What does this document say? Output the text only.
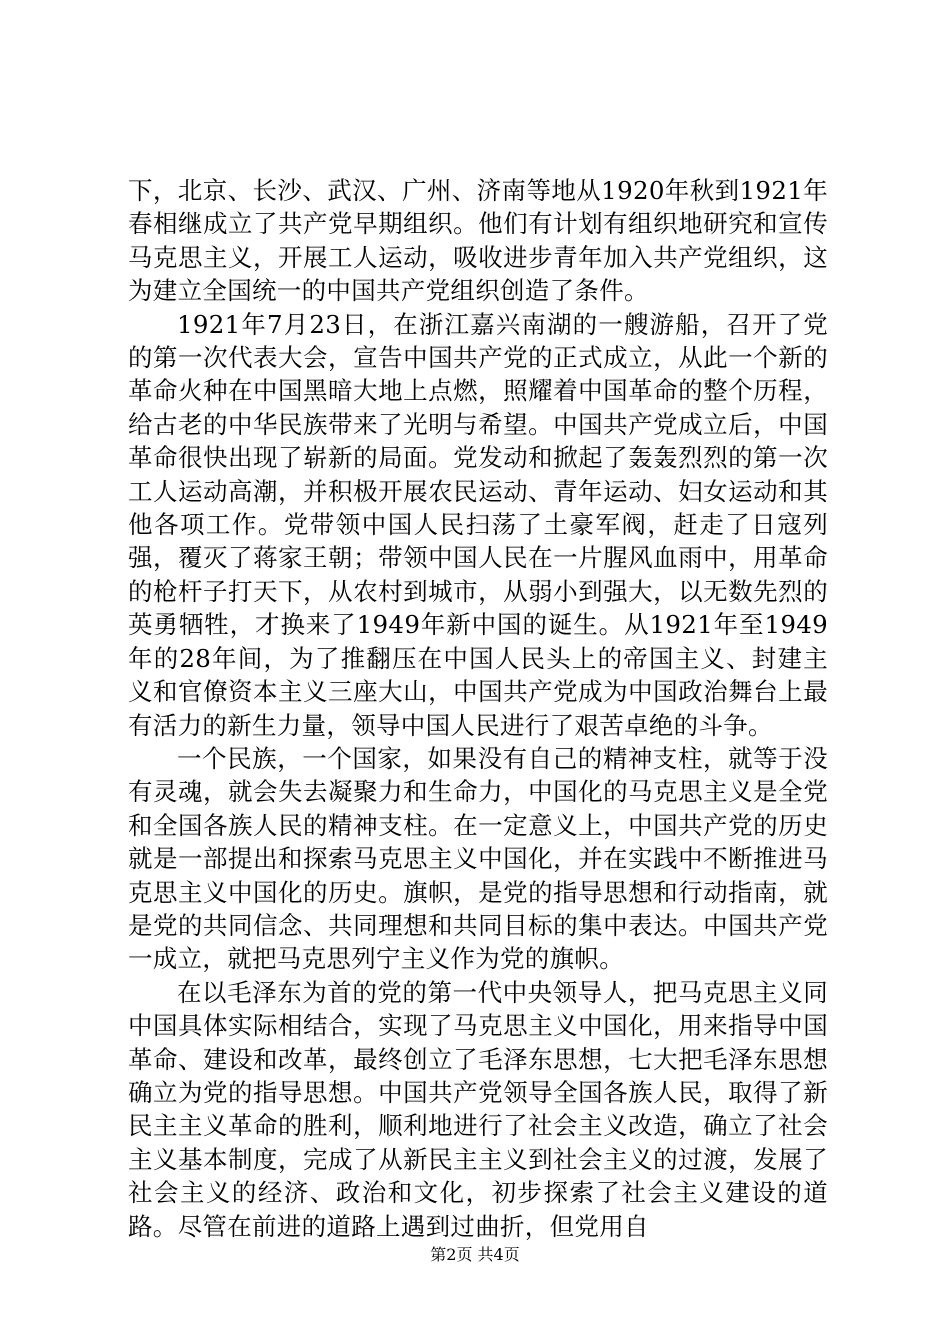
下，北京、长沙、武汉、广州、济南等地从1920年秋到1921年春相继成立了共产党早期组织。他们有计划有组织地研究和宣传马克思主义，开展工人运动，吸收进步青年加入共产党组织，这为建立全国统一的中国共产党组织创造了条件。

1921年7月23日，在浙江嘉兴南湖的一艘游船，召开了党的第一次代表大会，宣告中国共产党的正式成立，从此一个新的革命火种在中国黑暗大地上点燃，照耀着中国革命的整个历程，给古老的中华民族带来了光明与希望。中国共产党成立后，中国革命很快出现了崭新的局面。党发动和掀起了轰轰烈烈的第一次工人运动高潮，并积极开展农民运动、青年运动、妇女运动和其他各项工作。党带领中国人民扫荡了土豪军阀，赶走了日寇列强，覆灭了蒋家王朝；带领中国人民在一片腥风血雨中，用革命的枪杆子打天下，从农村到城市，从弱小到强大，以无数先烈的英勇牺牲，才换来了1949年新中国的诞生。从1921年至1949年的28年间，为了推翻压在中国人民头上的帝国主义、封建主义和官僚资本主义三座大山，中国共产党成为中国政治舞台上最有活力的新生力量，领导中国人民进行了艰苦卓绝的斗争。

一个民族，一个国家，如果没有自己的精神支柱，就等于没有灵魂，就会失去凝聚力和生命力，中国化的马克思主义是全党和全国各族人民的精神支柱。在一定意义上，中国共产党的历史就是一部提出和探索马克思主义中国化，并在实践中不断推进马克思主义中国化的历史。旗帜，是党的指导思想和行动指南，就是党的共同信念、共同理想和共同目标的集中表达。中国共产党一成立，就把马克思列宁主义作为党的旗帜。

在以毛泽东为首的党的第一代中央领导人，把马克思主义同中国具体实际相结合，实现了马克思主义中国化，用来指导中国革命、建设和改革，最终创立了毛泽东思想，七大把毛泽东思想确立为党的指导思想。中国共产党领导全国各族人民，取得了新民主主义革命的胜利，顺利地进行了社会主义改造，确立了社会主义基本制度，完成了从新民主主义到社会主义的过渡，发展了社会主义的经济、政治和文化，初步探索了社会主义建设的道路。尽管在前进的道路上遇到过曲折，但党用自

第2页 共4页
